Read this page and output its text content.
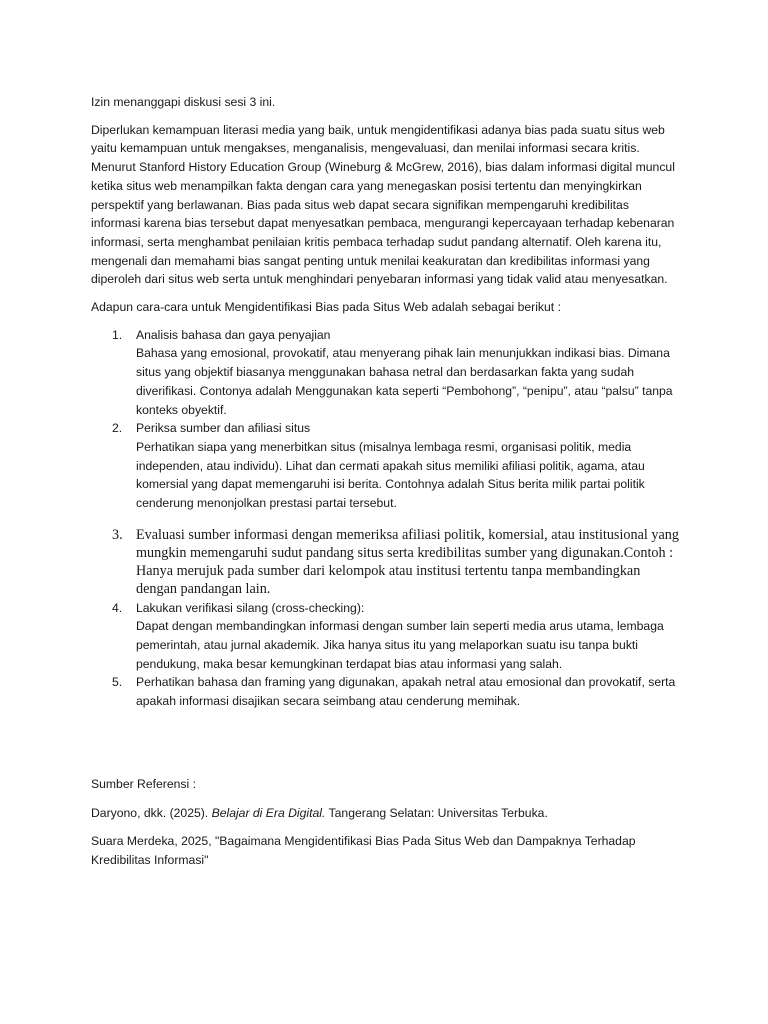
Izin menanggapi diskusi sesi 3 ini.

Diperlukan kemampuan literasi media yang baik, untuk mengidentifikasi adanya bias pada suatu situs web yaitu kemampuan untuk mengakses, menganalisis, mengevaluasi, dan menilai informasi secara kritis. Menurut Stanford History Education Group (Wineburg & McGrew, 2016), bias dalam informasi digital muncul ketika situs web menampilkan fakta dengan cara yang menegaskan posisi tertentu dan menyingkirkan perspektif yang berlawanan. Bias pada situs web dapat secara signifikan mempengaruhi kredibilitas informasi karena bias tersebut dapat menyesatkan pembaca, mengurangi kepercayaan terhadap kebenaran informasi, serta menghambat penilaian kritis pembaca terhadap sudut pandang alternatif. Oleh karena itu, mengenali dan memahami bias sangat penting untuk menilai keakuratan dan kredibilitas informasi yang diperoleh dari situs web serta untuk menghindari penyebaran informasi yang tidak valid atau menyesatkan.

Adapun cara-cara untuk Mengidentifikasi Bias pada Situs Web adalah sebagai berikut :

1. Analisis bahasa dan gaya penyajian
Bahasa yang emosional, provokatif, atau menyerang pihak lain menunjukkan indikasi bias. Dimana situs yang objektif biasanya menggunakan bahasa netral dan berdasarkan fakta yang sudah diverifikasi. Contonya adalah Menggunakan kata seperti “Pembohong”, “penipu”, atau “palsu” tanpa konteks obyektif.
2. Periksa sumber dan afiliasi situs
Perhatikan siapa yang menerbitkan situs (misalnya lembaga resmi, organisasi politik, media independen, atau individu). Lihat dan cermati apakah situs memiliki afiliasi politik, agama, atau komersial yang dapat memengaruhi isi berita. Contohnya adalah Situs berita milik partai politik cenderung menonjolkan prestasi partai tersebut.
3. Evaluasi sumber informasi dengan memeriksa afiliasi politik, komersial, atau institusional yang mungkin memengaruhi sudut pandang situs serta kredibilitas sumber yang digunakan.Contoh : Hanya merujuk pada sumber dari kelompok atau institusi tertentu tanpa membandingkan dengan pandangan lain.
4. Lakukan verifikasi silang (cross-checking):
Dapat dengan membandingkan informasi dengan sumber lain seperti media arus utama, lembaga pemerintah, atau jurnal akademik. Jika hanya situs itu yang melaporkan suatu isu tanpa bukti pendukung, maka besar kemungkinan terdapat bias atau informasi yang salah.
5. Perhatikan bahasa dan framing yang digunakan, apakah netral atau emosional dan provokatif, serta apakah informasi disajikan secara seimbang atau cenderung memihak.

Sumber Referensi :

Daryono, dkk. (2025). Belajar di Era Digital. Tangerang Selatan: Universitas Terbuka.

Suara Merdeka, 2025, "Bagaimana Mengidentifikasi Bias Pada Situs Web dan Dampaknya Terhadap Kredibilitas Informasi"
